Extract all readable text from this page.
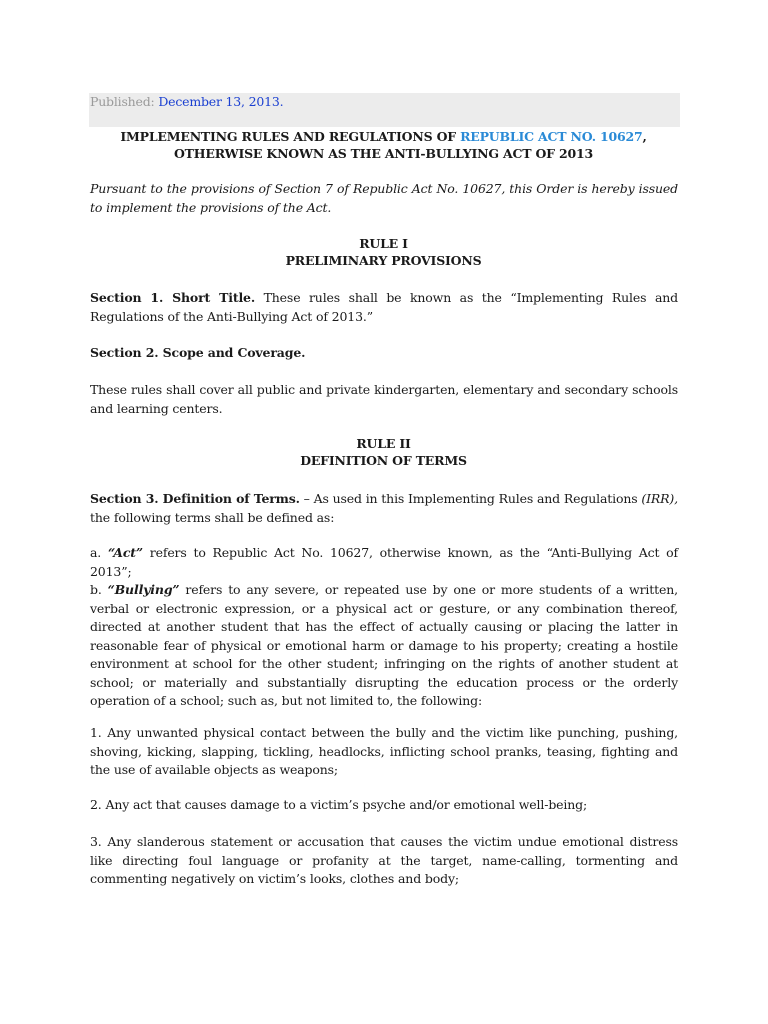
Published: December 13, 2013.
IMPLEMENTING RULES AND REGULATIONS OF REPUBLIC ACT NO. 10627,
OTHERWISE KNOWN AS THE ANTI-BULLYING ACT OF 2013
Pursuant to the provisions of Section 7 of Republic Act No. 10627, this Order is hereby issued to implement the provisions of the Act.
RULE I
PRELIMINARY PROVISIONS
Section 1. Short Title. These rules shall be known as the “Implementing Rules and Regulations of the Anti-Bullying Act of 2013.”
Section 2. Scope and Coverage.
These rules shall cover all public and private kindergarten, elementary and secondary schools and learning centers.
RULE II
DEFINITION OF TERMS
Section 3. Definition of Terms. – As used in this Implementing Rules and Regulations (IRR), the following terms shall be defined as:
a. “Act” refers to Republic Act No. 10627, otherwise known, as the “Anti-Bullying Act of 2013”;
b. “Bullying” refers to any severe, or repeated use by one or more students of a written, verbal or electronic expression, or a physical act or gesture, or any combination thereof, directed at another student that has the effect of actually causing or placing the latter in reasonable fear of physical or emotional harm or damage to his property; creating a hostile environment at school for the other student; infringing on the rights of another student at school; or materially and substantially disrupting the education process or the orderly operation of a school; such as, but not limited to, the following:
1. Any unwanted physical contact between the bully and the victim like punching, pushing, shoving, kicking, slapping, tickling, headlocks, inflicting school pranks, teasing, fighting and the use of available objects as weapons;
2. Any act that causes damage to a victim’s psyche and/or emotional well-being;
3. Any slanderous statement or accusation that causes the victim undue emotional distress like directing foul language or profanity at the target, name-calling, tormenting and commenting negatively on victim’s looks, clothes and body;
